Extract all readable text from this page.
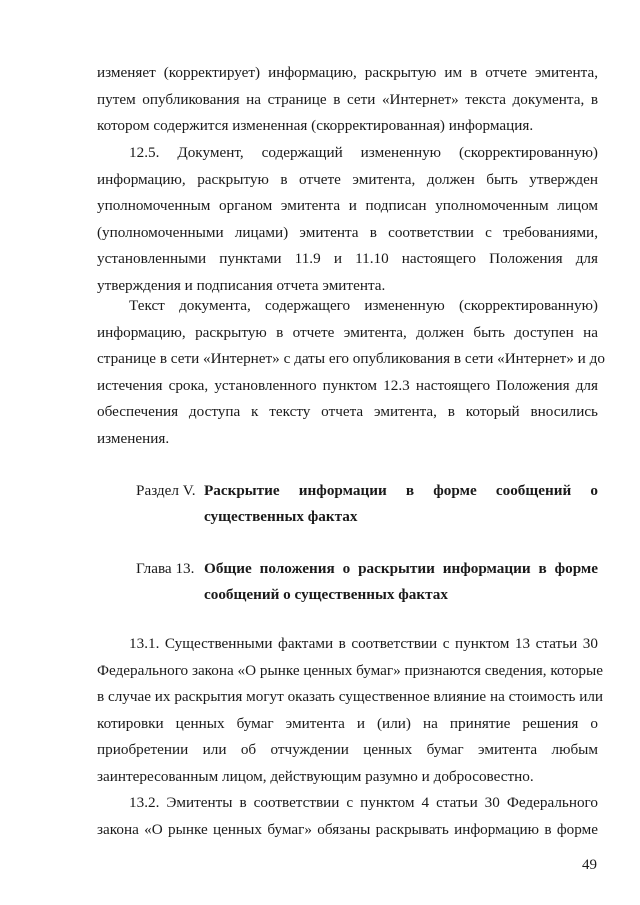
изменяет (корректирует) информацию, раскрытую им в отчете эмитента,
путем опубликования на странице в сети «Интернет» текста документа, в
котором содержится измененная (скорректированная) информация.
12.5. Документ, содержащий измененную (скорректированную)
информацию, раскрытую в отчете эмитента, должен быть утвержден
уполномоченным органом эмитента и подписан уполномоченным лицом
(уполномоченными лицами) эмитента в соответствии с требованиями,
установленными пунктами 11.9 и 11.10 настоящего Положения для
утверждения и подписания отчета эмитента.
Текст документа, содержащего измененную (скорректированную)
информацию, раскрытую в отчете эмитента, должен быть доступен на
странице в сети «Интернет» с даты его опубликования в сети «Интернет» и до
истечения срока, установленного пунктом 12.3 настоящего Положения для
обеспечения доступа к тексту отчета эмитента, в который вносились
изменения.
Раздел V. Раскрытие информации в форме сообщений о
существенных фактах
Глава 13. Общие положения о раскрытии информации в форме
сообщений о существенных фактах
13.1. Существенными фактами в соответствии с пунктом 13 статьи 30
Федерального закона «О рынке ценных бумаг» признаются сведения, которые
в случае их раскрытия могут оказать существенное влияние на стоимость или
котировки ценных бумаг эмитента и (или) на принятие решения о
приобретении или об отчуждении ценных бумаг эмитента любым
заинтересованным лицом, действующим разумно и добросовестно.
13.2. Эмитенты в соответствии с пунктом 4 статьи 30 Федерального
закона «О рынке ценных бумаг» обязаны раскрывать информацию в форме
49
